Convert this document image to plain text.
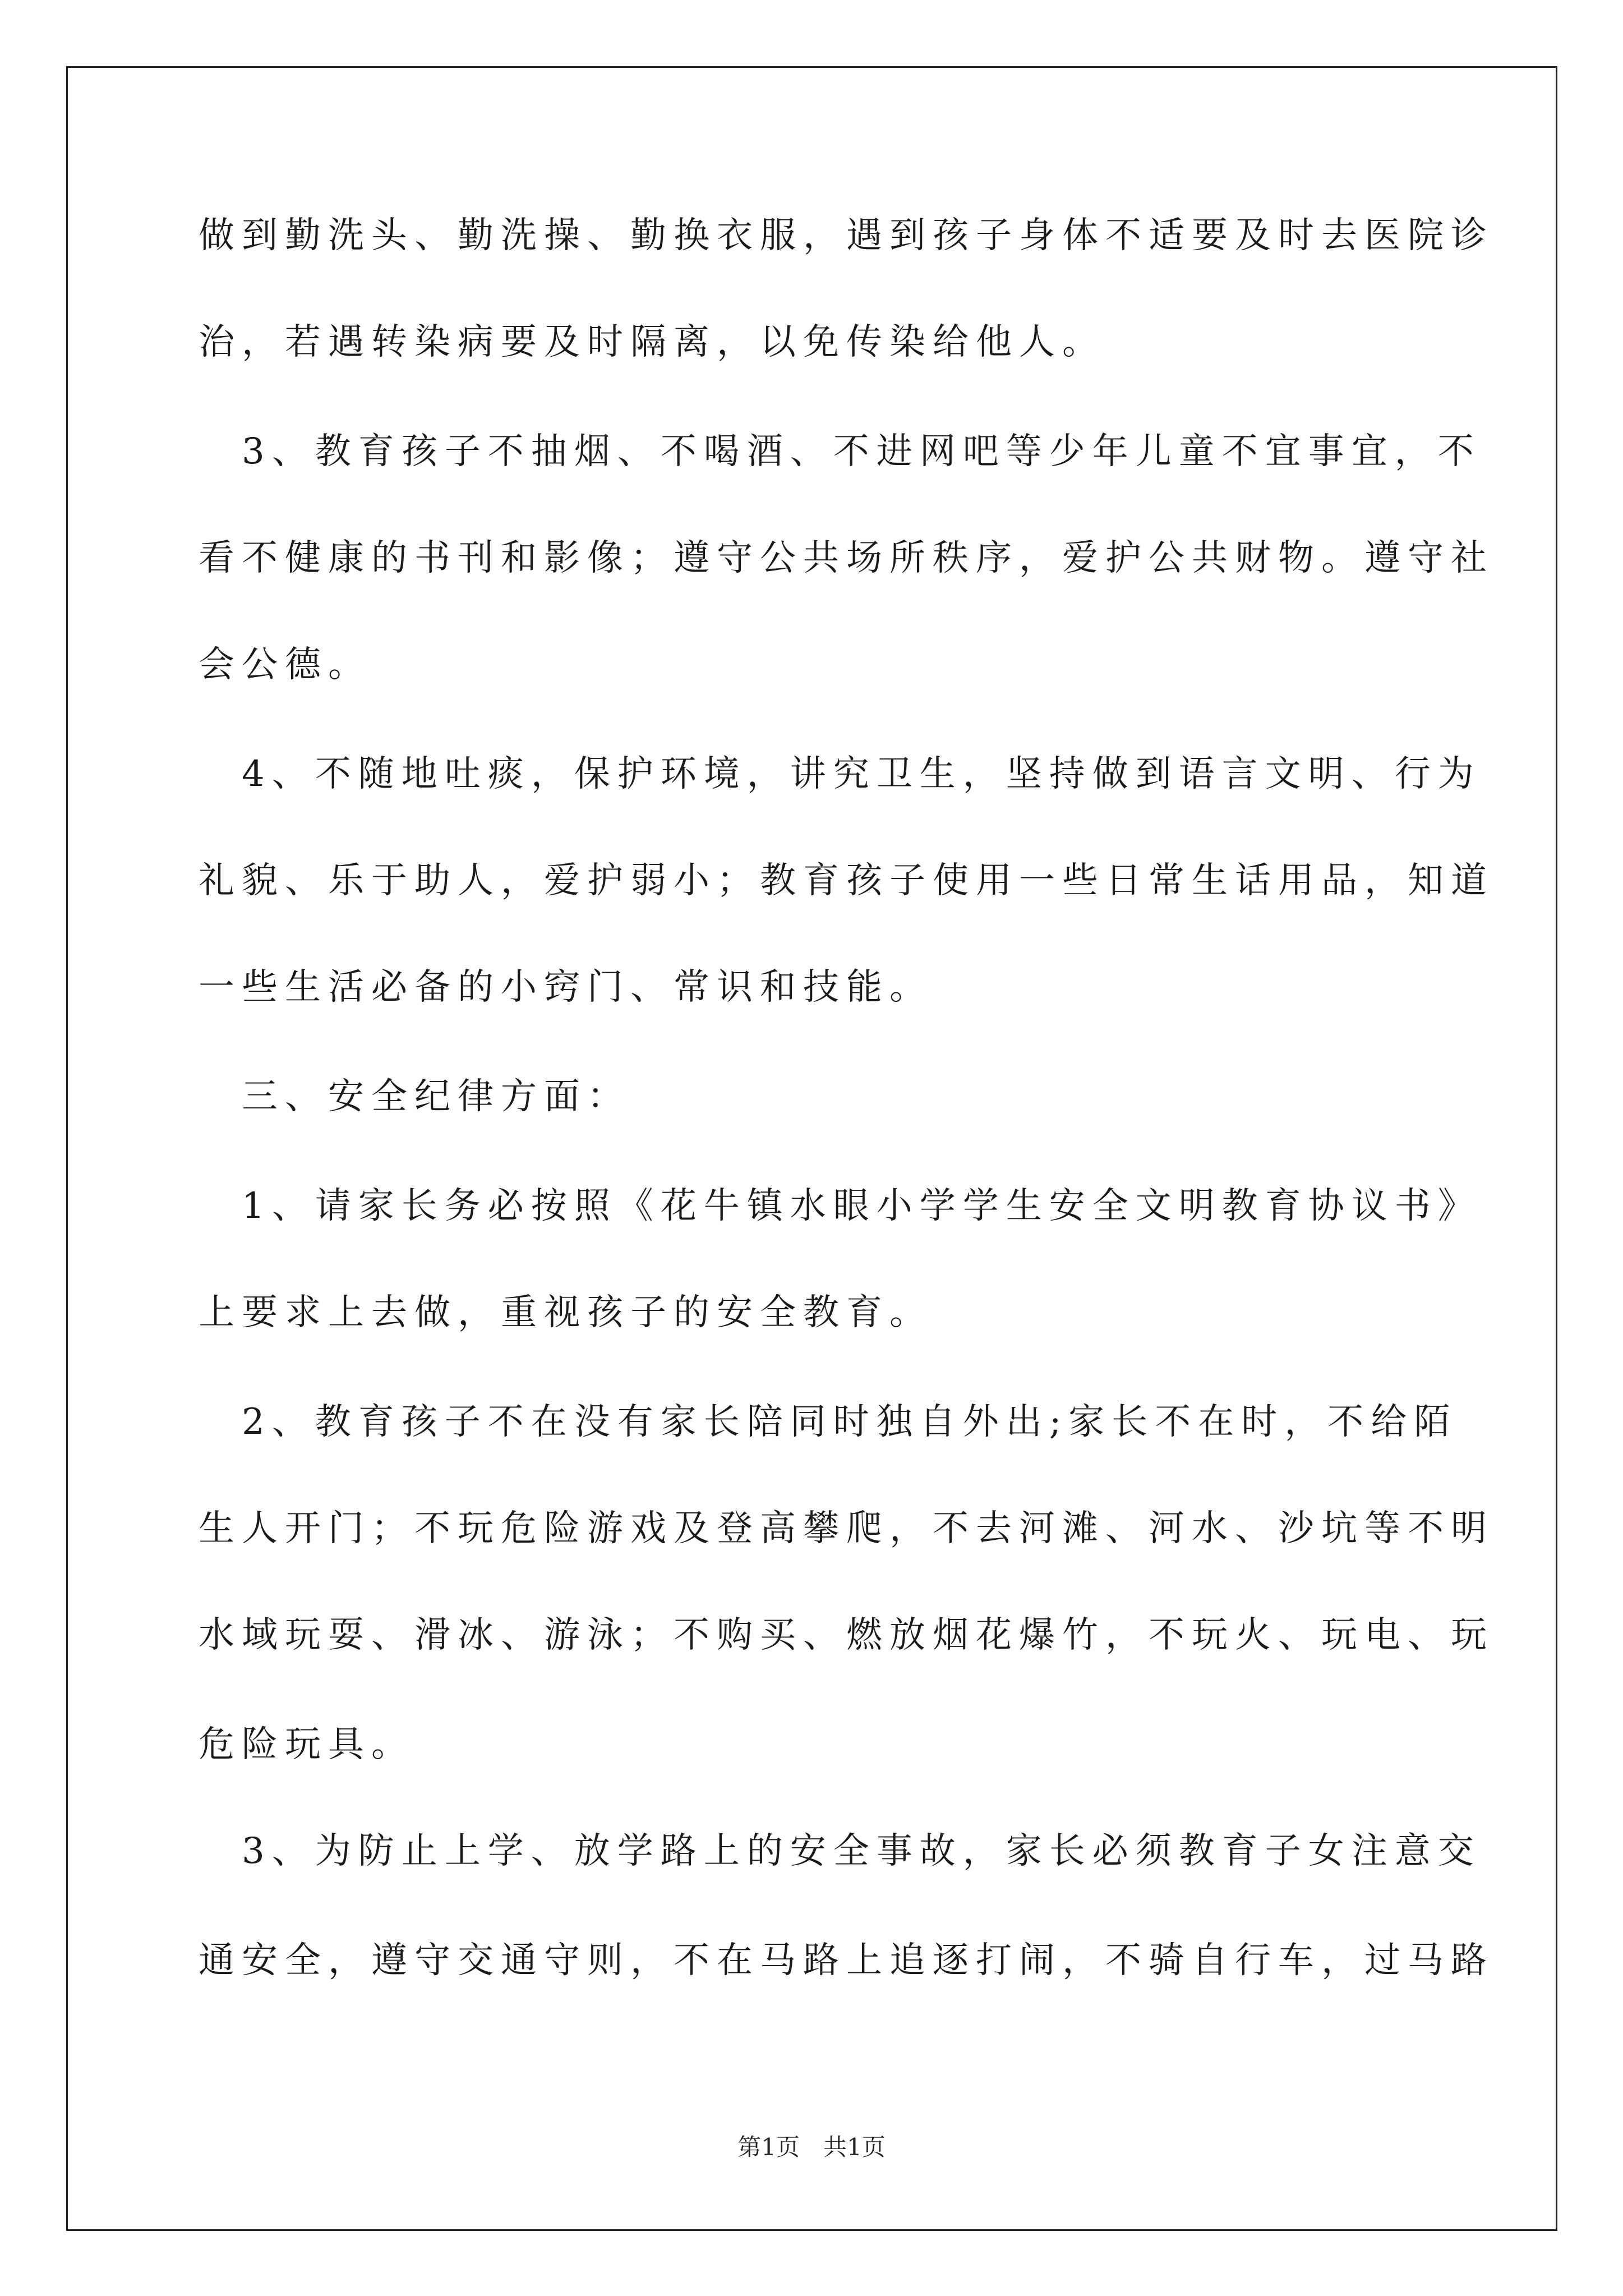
做到勤洗头、勤洗操、勤换衣服，遇到孩子身体不适要及时去医院诊
治，若遇转染病要及时隔离，以免传染给他人。
　3、教育孩子不抽烟、不喝酒、不进网吧等少年儿童不宜事宜，不
看不健康的书刊和影像；遵守公共场所秩序，爱护公共财物。遵守社
会公德。
　4、不随地吐痰，保护环境，讲究卫生，坚持做到语言文明、行为
礼貌、乐于助人，爱护弱小；教育孩子使用一些日常生话用品，知道
一些生活必备的小窍门、常识和技能。
　三、安全纪律方面：
　1、请家长务必按照《花牛镇水眼小学学生安全文明教育协议书》
上要求上去做，重视孩子的安全教育。
　2、教育孩子不在没有家长陪同时独自外出;家长不在时，不给陌
生人开门；不玩危险游戏及登高攀爬，不去河滩、河水、沙坑等不明
水域玩耍、滑冰、游泳；不购买、燃放烟花爆竹，不玩火、玩电、玩
危险玩具。
　3、为防止上学、放学路上的安全事故，家长必须教育子女注意交
通安全，遵守交通守则，不在马路上追逐打闹，不骑自行车，过马路
第1页　共1页
